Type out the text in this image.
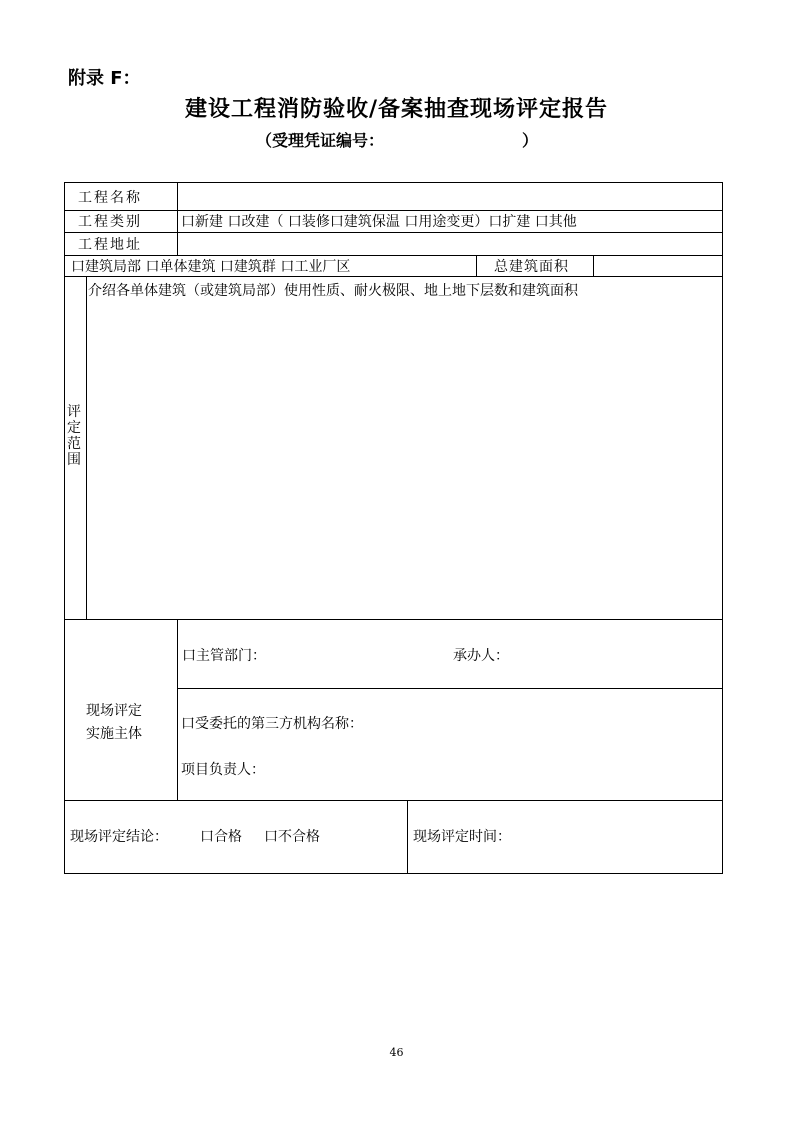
附录 F：
建设工程消防验收/备案抽查现场评定报告
（受理凭证编号：	）
工程名称
工程类别	口新建 口改建（ 口装修口建筑保温 口用途变更）口扩建 口其他
工程地址
口建筑局部 口单体建筑 口建筑群 口工业厂区	总建筑面积
评
定
范
围
介绍各单体建筑（或建筑局部）使用性质、耐火极限、地上地下层数和建筑面积
现场评定
实施主体
口主管部门：	承办人：
口受委托的第三方机构名称：
项目负责人：
现场评定结论： 口合格 口不合格	现场评定时间：
46
